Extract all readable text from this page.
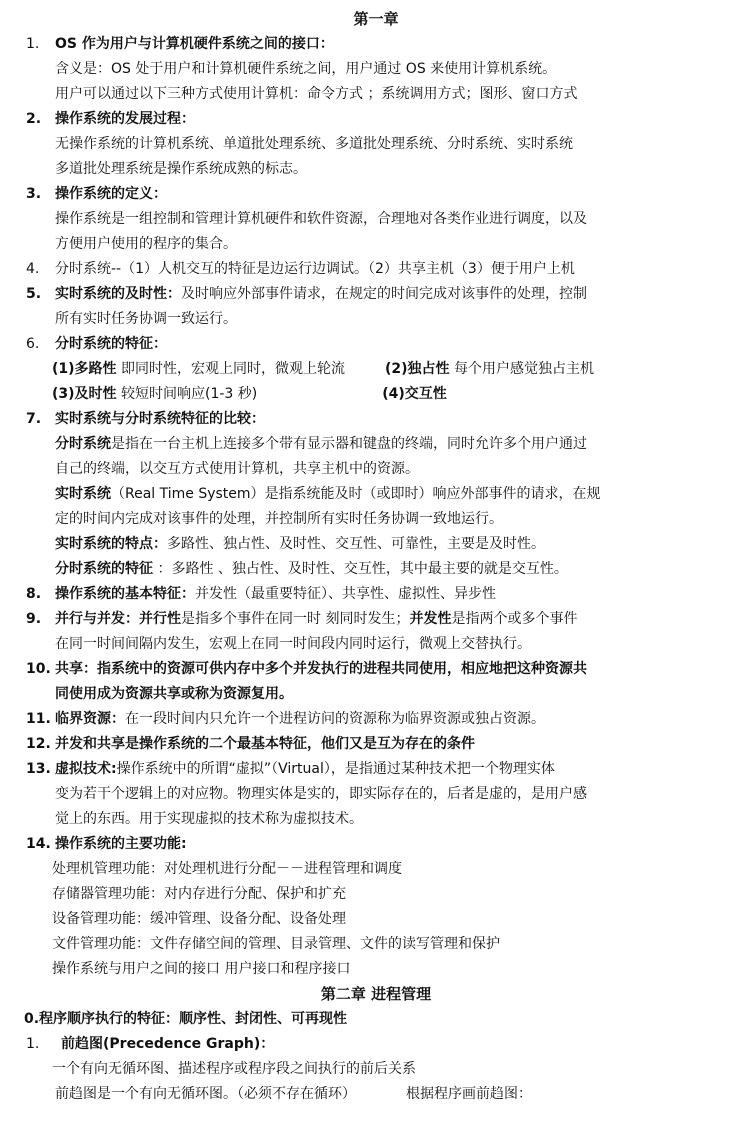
第一章
1.	OS 作为用户与计算机硬件系统之间的接口：
含义是：OS 处于用户和计算机硬件系统之间，用户通过 OS 来使用计算机系统。
用户可以通过以下三种方式使用计算机：命令方式 ；系统调用方式；图形、窗口方式
2. 操作系统的发展过程：
无操作系统的计算机系统、单道批处理系统、多道批处理系统、分时系统、实时系统
多道批处理系统是操作系统成熟的标志。
3. 操作系统的定义：
操作系统是一组控制和管理计算机硬件和软件资源，合理地对各类作业进行调度，以及
方便用户使用的程序的集合。
4.	分时系统--（1）人机交互的特征是边运行边调试。（2）共享主机（3）便于用户上机
5. 实时系统的及时性：及时响应外部事件请求，在规定的时间完成对该事件的处理，控制
所有实时任务协调一致运行。
6.	分时系统的特征：
(1)多路性 即同时性，宏观上同时，微观上轮流	(2)独占性 每个用户感觉独占主机
(3)及时性 较短时间响应(1-3 秒)	(4)交互性
7. 实时系统与分时系统特征的比较：
分时系统是指在一台主机上连接多个带有显示器和键盘的终端，同时允许多个用户通过
自己的终端，以交互方式使用计算机，共享主机中的资源。
实时系统（Real Time System）是指系统能及时（或即时）响应外部事件的请求，在规
定的时间内完成对该事件的处理，并控制所有实时任务协调一致地运行。
实时系统的特点：多路性、独占性、及时性、交互性、可靠性，主要是及时性。
分时系统的特征 ：多路性 、独占性、及时性、交互性，其中最主要的就是交互性。
8. 操作系统的基本特征：并发性（最重要特征）、共享性、虚拟性、异步性
9. 并行与并发：并行性是指多个事件在同一时 刻同时发生；并发性是指两个或多个事件
在同一时间间隔内发生，宏观上在同一时间段内同时运行，微观上交替执行。
10. 共享：指系统中的资源可供内存中多个并发执行的进程共同使用，相应地把这种资源共
同使用成为资源共享或称为资源复用。
11. 临界资源：在一段时间内只允许一个进程访问的资源称为临界资源或独占资源。
12. 并发和共享是操作系统的二个最基本特征，他们又是互为存在的条件
13. 虚拟技术:操作系统中的所谓“虚拟”（Virtual），是指通过某种技术把一个物理实体
变为若干个逻辑上的对应物。物理实体是实的，即实际存在的，后者是虚的，是用户感
觉上的东西。用于实现虚拟的技术称为虚拟技术。
14. 操作系统的主要功能:
处理机管理功能：对处理机进行分配－－进程管理和调度
存储器管理功能：对内存进行分配、保护和扩充
设备管理功能：缓冲管理、设备分配、设备处理
文件管理功能：文件存储空间的管理、目录管理、文件的读写管理和保护
操作系统与用户之间的接口 用户接口和程序接口
第二章 进程管理
0.程序顺序执行的特征：顺序性、封闭性、可再现性
1.	前趋图(Precedence Graph)：
一个有向无循环图、描述程序或程序段之间执行的前后关系
前趋图是一个有向无循环图。（必须不存在循环）	根据程序画前趋图：
